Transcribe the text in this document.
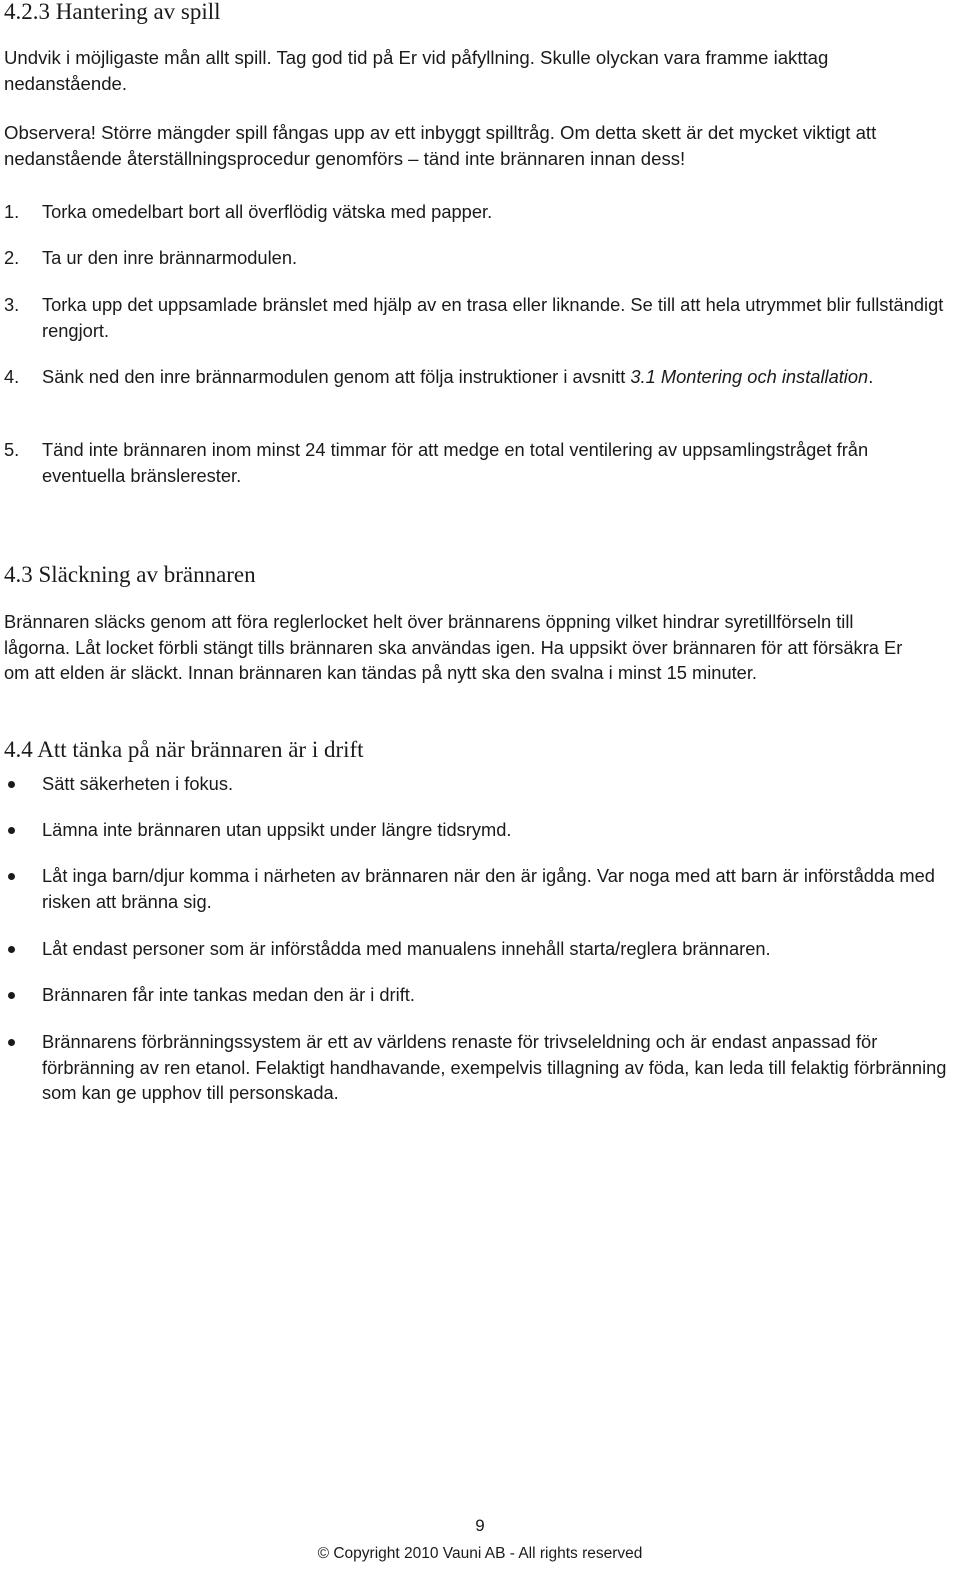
4.2.3 Hantering av spill

Undvik i möjligaste mån allt spill. Tag god tid på Er vid påfyllning. Skulle olyckan vara framme iakttag nedanstående.

Observera! Större mängder spill fångas upp av ett inbyggt spilltråg. Om detta skett är det mycket viktigt att nedanstående återställningsprocedur genomförs – tänd inte brännaren innan dess!

1.	Torka omedelbart bort all överflödig vätska med papper.
2.	Ta ur den inre brännarmodulen.
3.	Torka upp det uppsamlade bränslet med hjälp av en trasa eller liknande. Se till att hela utrymmet blir fullständigt rengjort.
4.	Sänk ned den inre brännarmodulen genom att följa instruktioner i avsnitt 3.1 Montering och installation.
5.	Tänd inte brännaren inom minst 24 timmar för att medge en total ventilering av uppsamlingstråget från eventuella bränslerester.
4.3 Släckning av brännaren

Brännaren släcks genom att föra reglerlocket helt över brännarens öppning vilket hindrar syretillförseln till lågorna. Låt locket förbli stängt tills brännaren ska användas igen. Ha uppsikt över brännaren för att försäkra Er om att elden är släckt. Innan brännaren kan tändas på nytt ska den svalna i minst 15 minuter.

4.4 Att tänka på när brännaren är i drift
Sätt säkerheten i fokus.
Lämna inte brännaren utan uppsikt under längre tidsrymd.
Låt inga barn/djur komma i närheten av brännaren när den är igång. Var noga med att barn är införstådda med risken att bränna sig.
Låt endast personer som är införstådda med manualens innehåll starta/reglera brännaren.
Brännaren får inte tankas medan den är i drift.
Brännarens förbränningssystem är ett av världens renaste för trivseleldning och är endast anpassad för förbränning av ren etanol. Felaktigt handhavande, exempelvis tillagning av föda, kan leda till felaktig förbränning som kan ge upphov till personskada.
9
© Copyright 2010 Vauni AB - All rights reserved
